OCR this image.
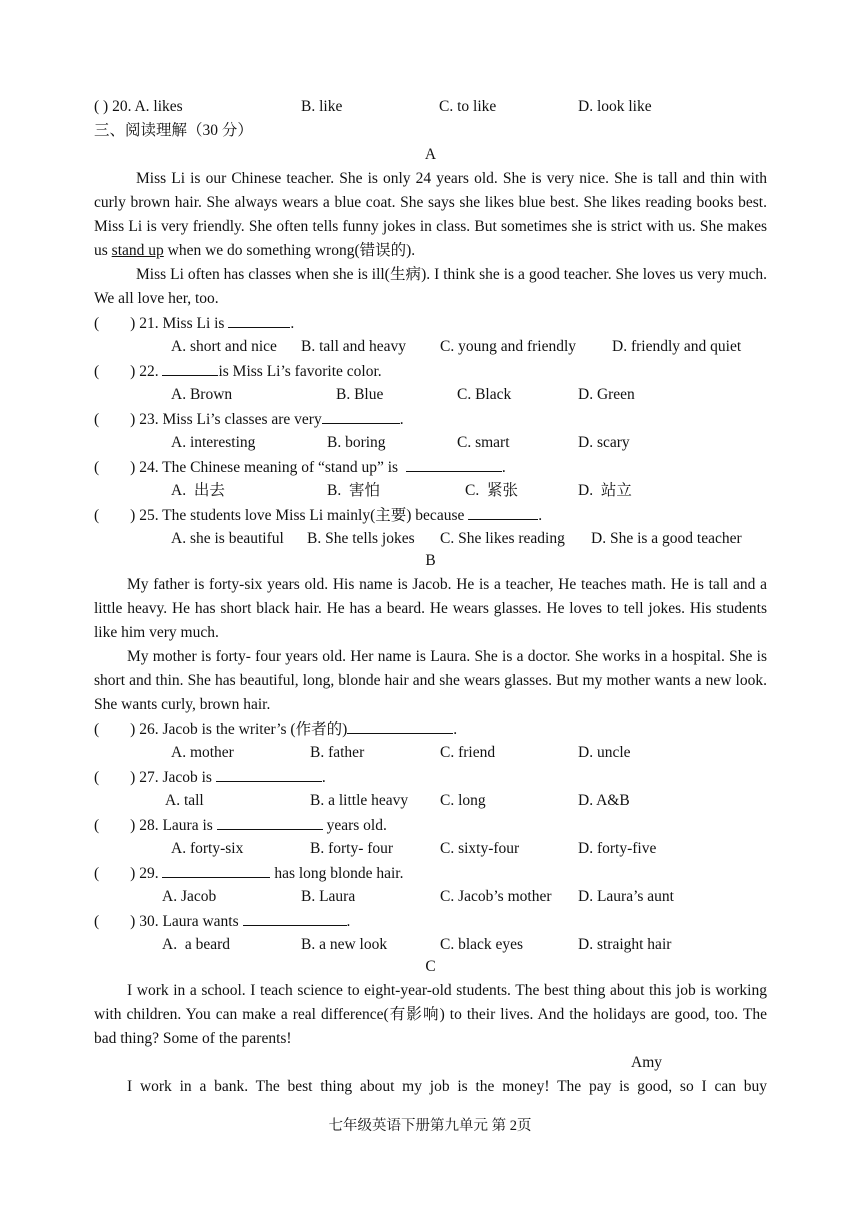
( ) 20. A. likes	B. like	C. to like	D. look like
三、阅读理解（30 分）
A
Miss Li is our Chinese teacher. She is only 24 years old. She is very nice. She is tall and thin with curly brown hair. She always wears a blue coat. She says she likes blue best. She likes reading books best. Miss Li is very friendly. She often tells funny jokes in class. But sometimes she is strict with us. She makes us stand up when we do something wrong(错误的).
Miss Li often has classes when she is ill(生病). I think she is a good teacher. She loves us very much. We all love her, too.
(        ) 21. Miss Li is	.
A. short and nice B. tall and heavy C. young and friendly D. friendly and quiet
(        ) 22.	is Miss Li’s favorite color.
A. Brown	B. Blue	C. Black	D. Green
(        ) 23. Miss Li’s classes are very	.
A. interesting	B. boring	C. smart	D. scary
(        ) 24. The Chinese meaning of “stand up” is	.
A.  出去	B.  害怕	C.  紧张	D.  站立
(        ) 25. The students love Miss Li mainly(主要) because	.
A. she is beautiful B. She tells jokes C. She likes reading D. She is a good teacher
B
My father is forty-six years old. His name is Jacob. He is a teacher, He teaches math. He is tall and a little heavy. He has short black hair. He has a beard. He wears glasses. He loves to tell jokes. His students like him very much.
My mother is forty- four years old. Her name is Laura. She is a doctor. She works in a hospital. She is short and thin. She has beautiful, long, blonde hair and she wears glasses. But my mother wants a new look. She wants curly, brown hair.
(        ) 26. Jacob is the writer’s (作者的)	.
A. mother	B. father	C. friend	D. uncle
(        ) 27. Jacob is	.
A. tall	B. a little heavy C. long	D. A&B
(        ) 28. Laura is	years old.
A. forty-six	B. forty- four	C. sixty-four	D. forty-five
(        ) 29.	has long blonde hair.
A. Jacob	B. Laura	C. Jacob’s mother D. Laura’s aunt
(        ) 30. Laura wants	.
A.  a beard	B. a new look	C. black eyes	D. straight hair
C
I work in a school. I teach science to eight-year-old students. The best thing about this job is working with children. You can make a real difference(有影响) to their lives. And the holidays are good, too. The bad thing? Some of the parents!
Amy
I work in a bank. The best thing about my job is the money! The pay is good, so I can buy
七年级英语下册第九单元 第 2页
